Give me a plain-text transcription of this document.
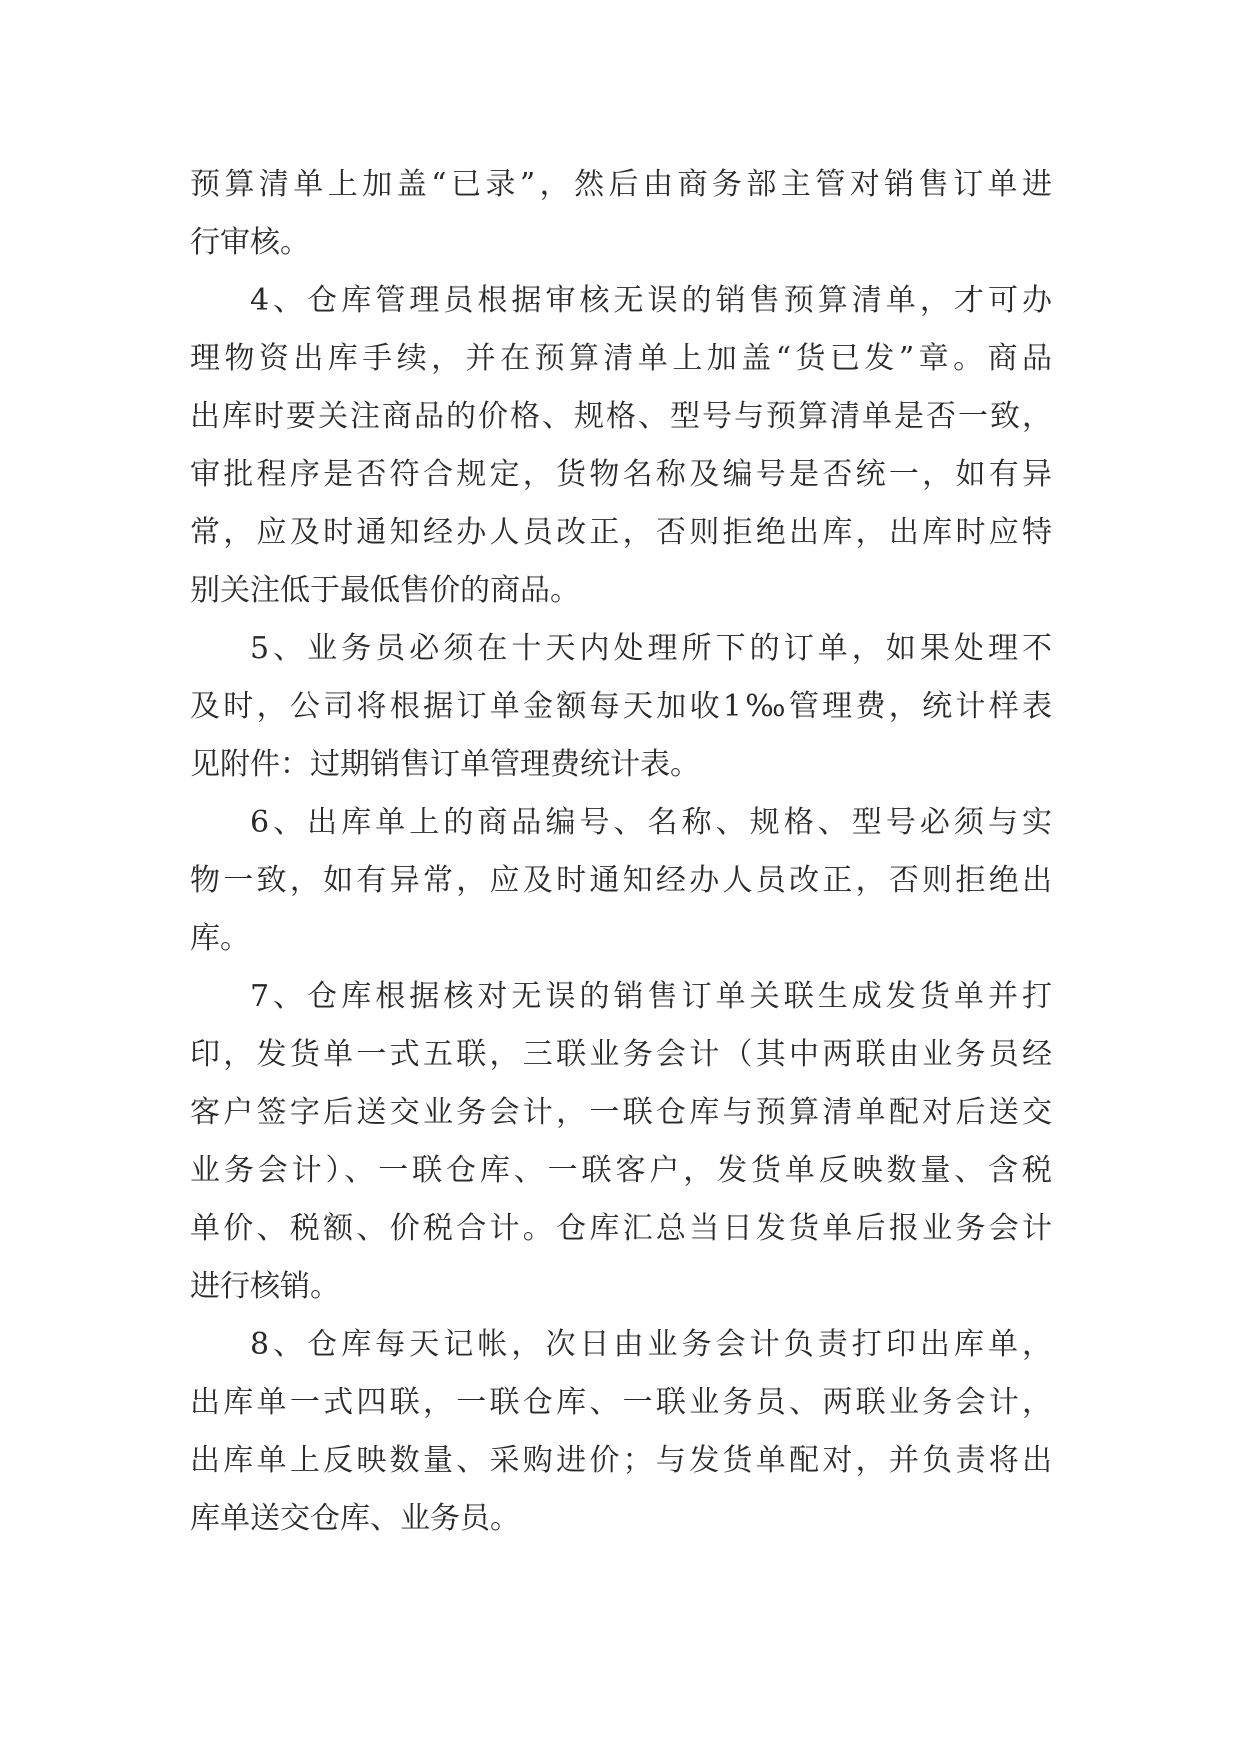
预算清单上加盖“已录”，然后由商务部主管对销售订单进
行审核。
4、仓库管理员根据审核无误的销售预算清单，才可办
理物资出库手续，并在预算清单上加盖“货已发”章。商品
出库时要关注商品的价格、规格、型号与预算清单是否一致，
审批程序是否符合规定，货物名称及编号是否统一，如有异
常，应及时通知经办人员改正，否则拒绝出库，出库时应特
别关注低于最低售价的商品。
5、业务员必须在十天内处理所下的订单，如果处理不
及时，公司将根据订单金额每天加收1‰管理费，统计样表
见附件：过期销售订单管理费统计表。
6、出库单上的商品编号、名称、规格、型号必须与实
物一致，如有异常，应及时通知经办人员改正，否则拒绝出
库。
7、仓库根据核对无误的销售订单关联生成发货单并打
印，发货单一式五联，三联业务会计（其中两联由业务员经
客户签字后送交业务会计，一联仓库与预算清单配对后送交
业务会计）、一联仓库、一联客户，发货单反映数量、含税
单价、税额、价税合计。仓库汇总当日发货单后报业务会计
进行核销。
8、仓库每天记帐，次日由业务会计负责打印出库单，
出库单一式四联，一联仓库、一联业务员、两联业务会计，
出库单上反映数量、采购进价；与发货单配对，并负责将出
库单送交仓库、业务员。
